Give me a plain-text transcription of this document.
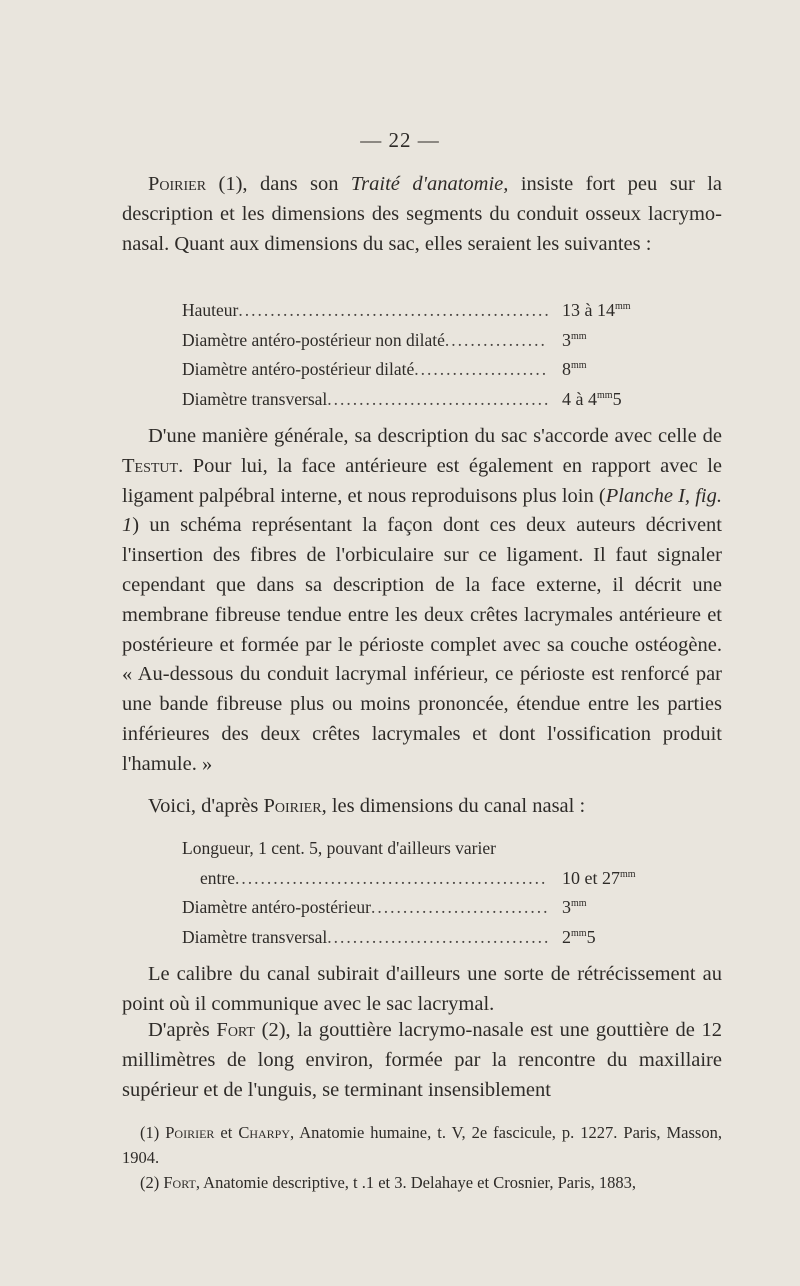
— 22 —

Poirier (1), dans son Traité d'anatomie, insiste fort peu sur la description et les dimensions des segments du conduit osseux lacrymo-nasal. Quant aux dimensions du sac, elles seraient les suivantes :

Hauteur .....	13 à $14^{mm}$
Diamètre antéro-postérieur non dilaté .....	$3^{mm}$
Diamètre antéro-postérieur dilaté .....	$8^{mm}$
Diamètre transversal .....	4 à $4^{mm}5$

D'une manière générale, sa description du sac s'accorde avec celle de Testut. Pour lui, la face antérieure est également en rapport avec le ligament palpébral interne, et nous reproduisons plus loin (Planche I, fig. 1) un schéma représentant la façon dont ces deux auteurs décrivent l'insertion des fibres de l'orbiculaire sur ce ligament. Il faut signaler cependant que dans sa description de la face externe, il décrit une membrane fibreuse tendue entre les deux crêtes lacrymales antérieure et postérieure et formée par le périoste complet avec sa couche ostéogène. « Au-dessous du conduit lacrymal inférieur, ce périoste est renforcé par une bande fibreuse plus ou moins prononcée, étendue entre les parties inférieures des deux crêtes lacrymales et dont l'ossification produit l'hamule. »

Voici, d'après Poirier, les dimensions du canal nasal :

Longueur, 1 cent. 5, pouvant d'ailleurs varier
entre .....	10 et $27^{mm}$
Diamètre antéro-postérieur .....	$3^{mm}$
Diamètre transversal .....	$2^{mm}5$

Le calibre du canal subirait d'ailleurs une sorte de rétrécissement au point où il communique avec le sac lacrymal.

D'après Fort (2), la gouttière lacrymo-nasale est une gouttière de 12 millimètres de long environ, formée par la rencontre du maxillaire supérieur et de l'unguis, se terminant insensiblement

(1) Poirier et Charpy, Anatomie humaine, t. V, 2e fascicule, p. 1227. Paris, Masson, 1904.

(2) Fort, Anatomie descriptive, t .1 et 3. Delahaye et Crosnier, Paris, 1883,
